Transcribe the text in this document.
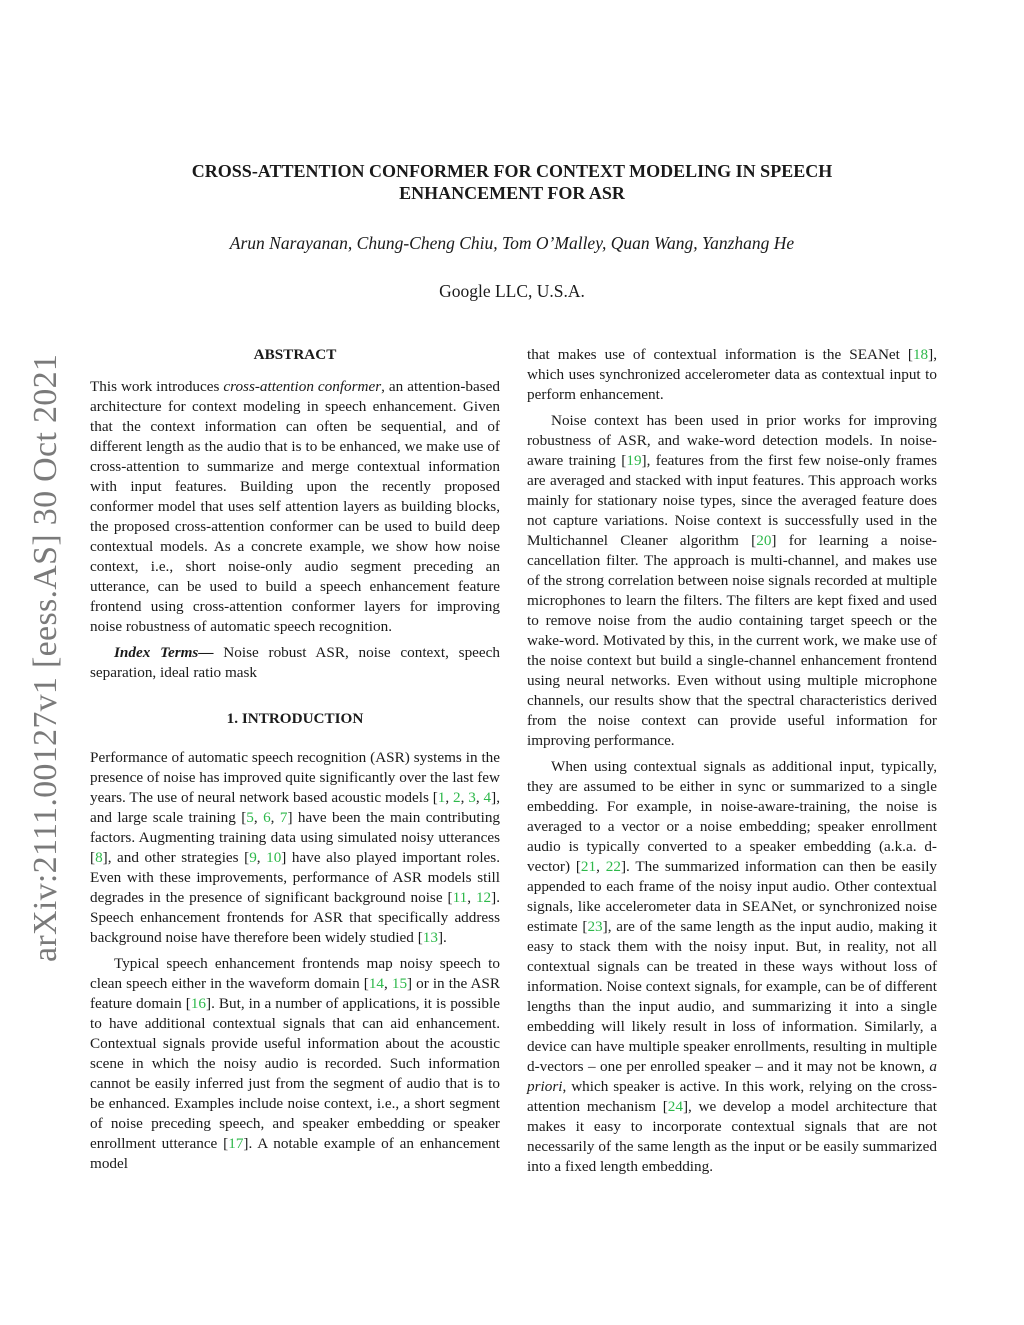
arXiv:2111.00127v1 [eess.AS] 30 Oct 2021
CROSS-ATTENTION CONFORMER FOR CONTEXT MODELING IN SPEECH ENHANCEMENT FOR ASR
Arun Narayanan, Chung-Cheng Chiu, Tom O’Malley, Quan Wang, Yanzhang He
Google LLC, U.S.A.
ABSTRACT

This work introduces cross-attention conformer, an attention-based architecture for context modeling in speech enhancement. Given that the context information can often be sequential, and of different length as the audio that is to be enhanced, we make use of cross-attention to summarize and merge contextual information with input features. Building upon the recently proposed conformer model that uses self attention layers as building blocks, the proposed cross-attention conformer can be used to build deep contextual models. As a concrete example, we show how noise context, i.e., short noise-only audio segment preceding an utterance, can be used to build a speech enhancement feature frontend using cross-attention conformer layers for improving noise robustness of automatic speech recognition.

Index Terms— Noise robust ASR, noise context, speech separation, ideal ratio mask

1. INTRODUCTION

Performance of automatic speech recognition (ASR) systems in the presence of noise has improved quite significantly over the last few years. The use of neural network based acoustic models [1, 2, 3, 4], and large scale training [5, 6, 7] have been the main contributing factors. Augmenting training data using simulated noisy utterances [8], and other strategies [9, 10] have also played important roles. Even with these improvements, performance of ASR models still degrades in the presence of significant background noise [11, 12]. Speech enhancement frontends for ASR that specifically address background noise have therefore been widely studied [13].

Typical speech enhancement frontends map noisy speech to clean speech either in the waveform domain [14, 15] or in the ASR feature domain [16]. But, in a number of applications, it is possible to have additional contextual signals that can aid enhancement. Contextual signals provide useful information about the acoustic scene in which the noisy audio is recorded. Such information cannot be easily inferred just from the segment of audio that is to be enhanced. Examples include noise context, i.e., a short segment of noise preceding speech, and speaker embedding or speaker enrollment utterance [17]. A notable example of an enhancement model

that makes use of contextual information is the SEANet [18], which uses synchronized accelerometer data as contextual input to perform enhancement.

Noise context has been used in prior works for improving robustness of ASR, and wake-word detection models. In noise-aware training [19], features from the first few noise-only frames are averaged and stacked with input features. This approach works mainly for stationary noise types, since the averaged feature does not capture variations. Noise context is successfully used in the Multichannel Cleaner algorithm [20] for learning a noise-cancellation filter. The approach is multi-channel, and makes use of the strong correlation between noise signals recorded at multiple microphones to learn the filters. The filters are kept fixed and used to remove noise from the audio containing target speech or the wake-word. Motivated by this, in the current work, we make use of the noise context but build a single-channel enhancement frontend using neural networks. Even without using multiple microphone channels, our results show that the spectral characteristics derived from the noise context can provide useful information for improving performance.

When using contextual signals as additional input, typically, they are assumed to be either in sync or summarized to a single embedding. For example, in noise-aware-training, the noise is averaged to a vector or a noise embedding; speaker enrollment audio is typically converted to a speaker embedding (a.k.a. d-vector) [21, 22]. The summarized information can then be easily appended to each frame of the noisy input audio. Other contextual signals, like accelerometer data in SEANet, or synchronized noise estimate [23], are of the same length as the input audio, making it easy to stack them with the noisy input. But, in reality, not all contextual signals can be treated in these ways without loss of information. Noise context signals, for example, can be of different lengths than the input audio, and summarizing it into a single embedding will likely result in loss of information. Similarly, a device can have multiple speaker enrollments, resulting in multiple d-vectors – one per enrolled speaker – and it may not be known, a priori, which speaker is active. In this work, relying on the cross-attention mechanism [24], we develop a model architecture that makes it easy to incorporate contextual signals that are not necessarily of the same length as the input or be easily summarized into a fixed length embedding.
